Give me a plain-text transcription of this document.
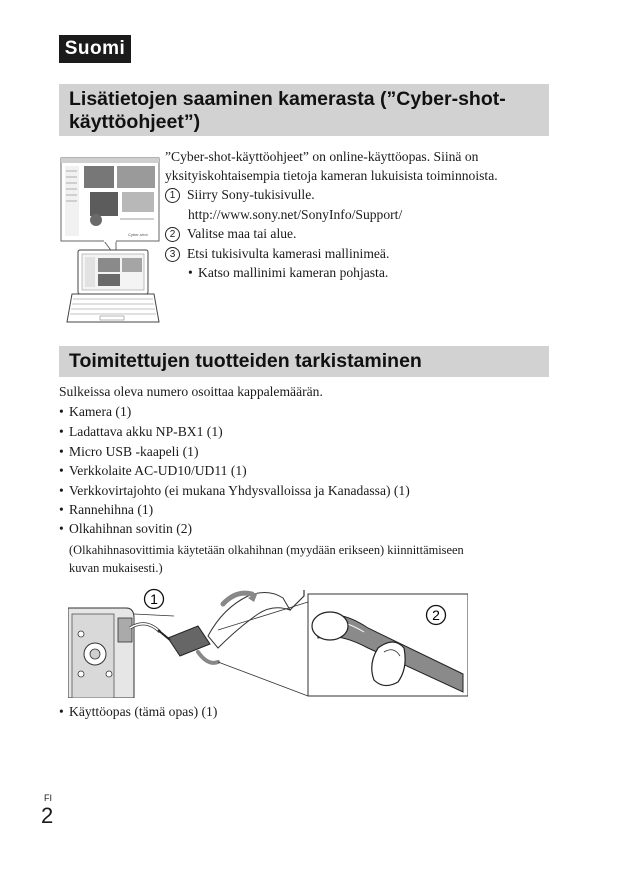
Suomi
Lisätietojen saaminen kamerasta (”Cyber-shot-
käyttöohjeet”)
Cyber-shot
”Cyber-shot-käyttöohjeet” on online-käyttöopas. Siinä on
yksityiskohtaisempia tietoja kameran lukuisista toiminnoista.
1 Siirry Sony-tukisivulle.
http://www.sony.net/SonyInfo/Support/
2 Valitse maa tai alue.
3 Etsi tukisivulta kamerasi mallinimeä.
• Katso mallinimi kameran pohjasta.
Toimitettujen tuotteiden tarkistaminen
Sulkeissa oleva numero osoittaa kappalemäärän.
• Kamera (1)
• Ladattava akku NP-BX1 (1)
• Micro USB -kaapeli (1)
• Verkkolaite AC-UD10/UD11 (1)
• Verkkovirtajohto (ei mukana Yhdysvalloissa ja Kanadassa) (1)
• Rannehihna (1)
• Olkahihnan sovitin (2)
(Olkahihnasovittimia käytetään olkahihnan (myydään erikseen) kiinnittämiseen
kuvan mukaisesti.)
1
2
• Käyttöopas (tämä opas) (1)
FI
2
